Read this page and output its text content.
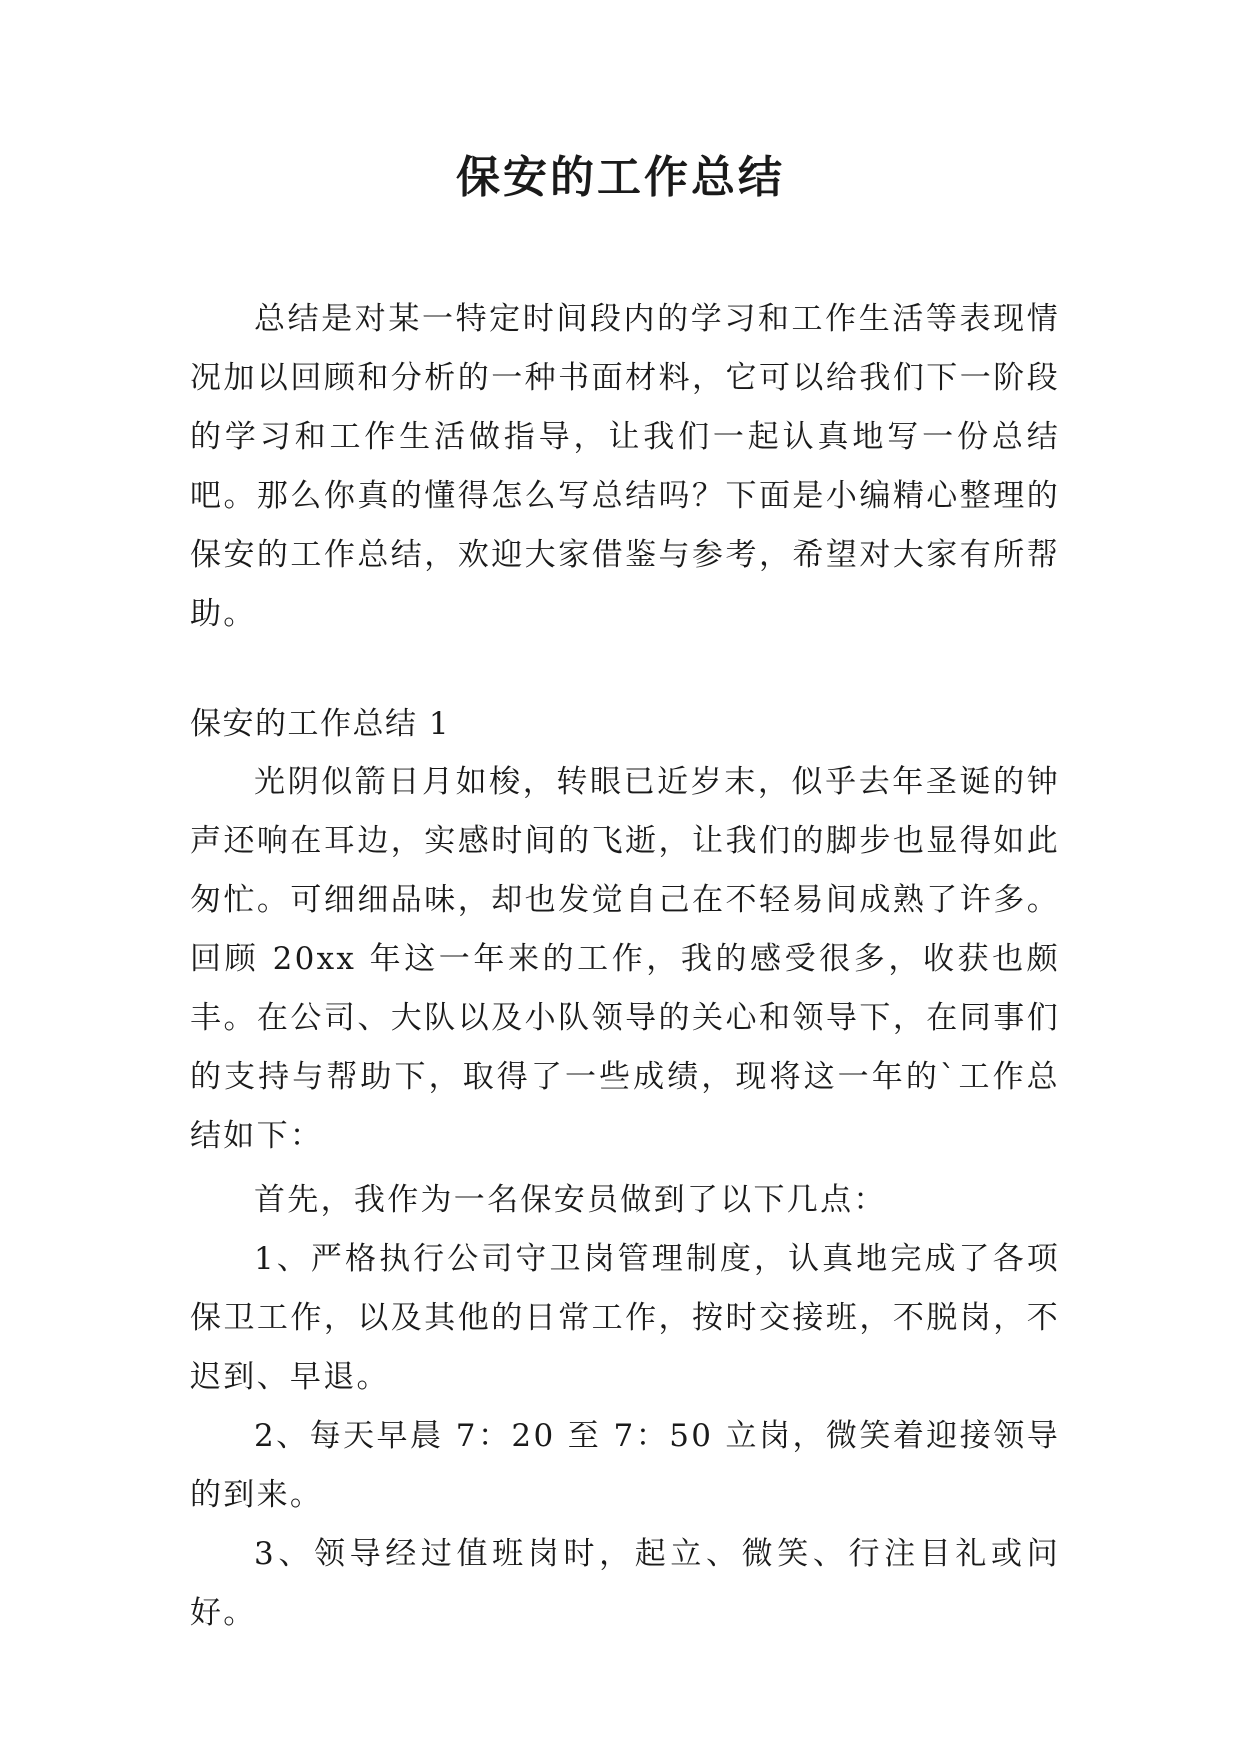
保安的工作总结

总结是对某一特定时间段内的学习和工作生活等表现情况加以回顾和分析的一种书面材料，它可以给我们下一阶段的学习和工作生活做指导，让我们一起认真地写一份总结吧。那么你真的懂得怎么写总结吗？下面是小编精心整理的保安的工作总结，欢迎大家借鉴与参考，希望对大家有所帮助。

保安的工作总结 1

光阴似箭日月如梭，转眼已近岁末，似乎去年圣诞的钟声还响在耳边，实感时间的飞逝，让我们的脚步也显得如此匆忙。可细细品味，却也发觉自己在不轻易间成熟了许多。回顾 20xx 年这一年来的工作，我的感受很多，收获也颇丰。在公司、大队以及小队领导的关心和领导下，在同事们的支持与帮助下，取得了一些成绩，现将这一年的`工作总结如下：

首先，我作为一名保安员做到了以下几点：

1、严格执行公司守卫岗管理制度，认真地完成了各项保卫工作，以及其他的日常工作，按时交接班，不脱岗，不迟到、早退。

2、每天早晨 7：20 至 7：50 立岗，微笑着迎接领导的到来。

3、领导经过值班岗时，起立、微笑、行注目礼或问好。
